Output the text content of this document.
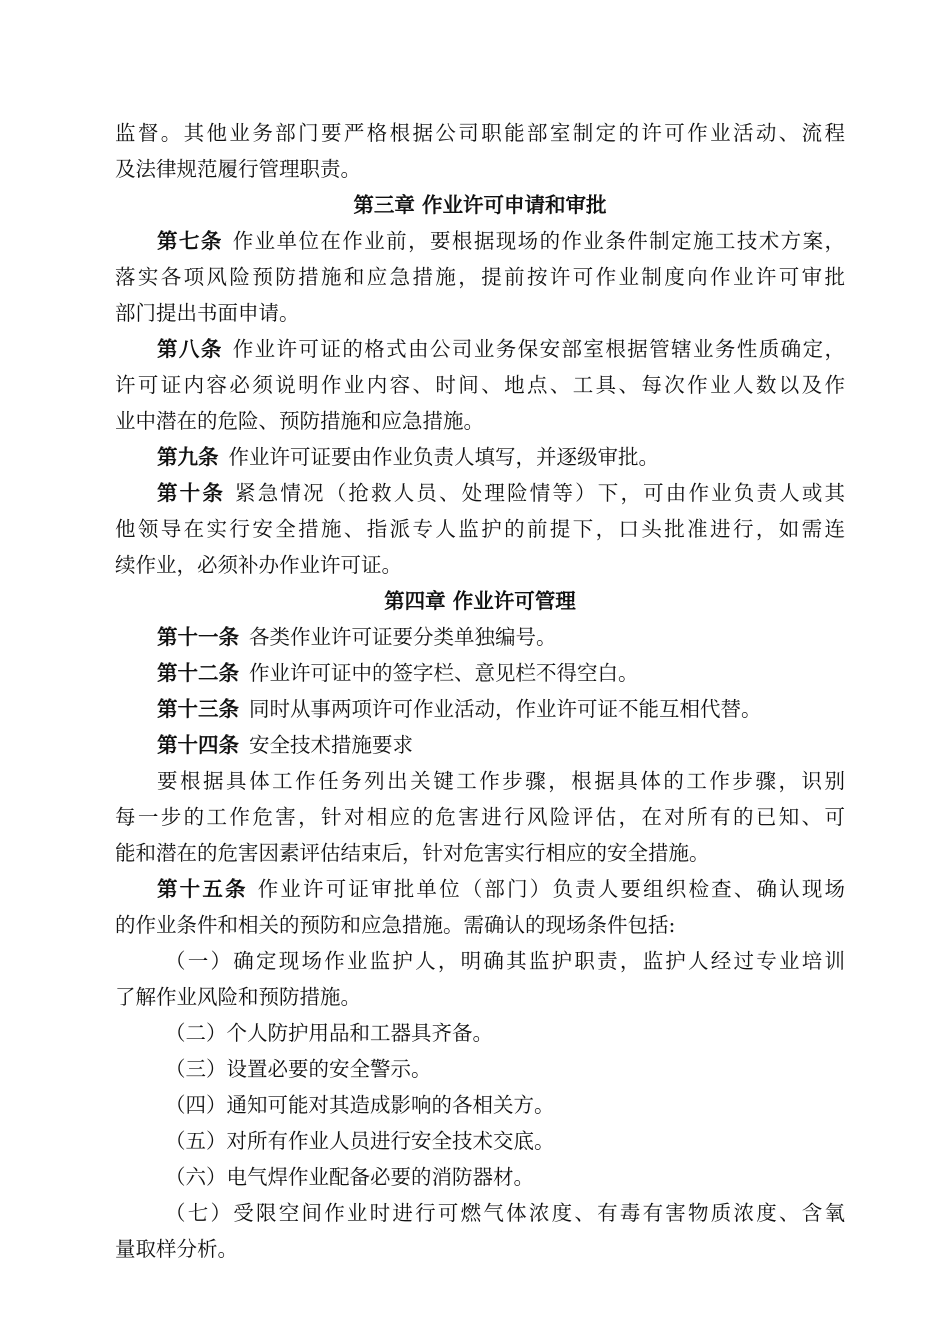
监督。其他业务部门要严格根据公司职能部室制定的许可作业活动、流程
及法律规范履行管理职责。
第三章 作业许可申请和审批
第七条 作业单位在作业前，要根据现场的作业条件制定施工技术方案，
落实各项风险预防措施和应急措施，提前按许可作业制度向作业许可审批
部门提出书面申请。
第八条 作业许可证的格式由公司业务保安部室根据管辖业务性质确定，
许可证内容必须说明作业内容、时间、地点、工具、每次作业人数以及作
业中潜在的危险、预防措施和应急措施。
第九条 作业许可证要由作业负责人填写，并逐级审批。
第十条 紧急情况（抢救人员、处理险情等）下，可由作业负责人或其
他领导在实行安全措施、指派专人监护的前提下，口头批准进行，如需连
续作业，必须补办作业许可证。
第四章 作业许可管理
第十一条 各类作业许可证要分类单独编号。
第十二条 作业许可证中的签字栏、意见栏不得空白。
第十三条 同时从事两项许可作业活动，作业许可证不能互相代替。
第十四条 安全技术措施要求
要根据具体工作任务列出关键工作步骤，根据具体的工作步骤，识别
每一步的工作危害，针对相应的危害进行风险评估，在对所有的已知、可
能和潜在的危害因素评估结束后，针对危害实行相应的安全措施。
第十五条 作业许可证审批单位（部门）负责人要组织检查、确认现场
的作业条件和相关的预防和应急措施。需确认的现场条件包括:
（一）确定现场作业监护人，明确其监护职责，监护人经过专业培训
了解作业风险和预防措施。
（二）个人防护用品和工器具齐备。
（三）设置必要的安全警示。
（四）通知可能对其造成影响的各相关方。
（五）对所有作业人员进行安全技术交底。
（六）电气焊作业配备必要的消防器材。
（七）受限空间作业时进行可燃气体浓度、有毒有害物质浓度、含氧
量取样分析。
